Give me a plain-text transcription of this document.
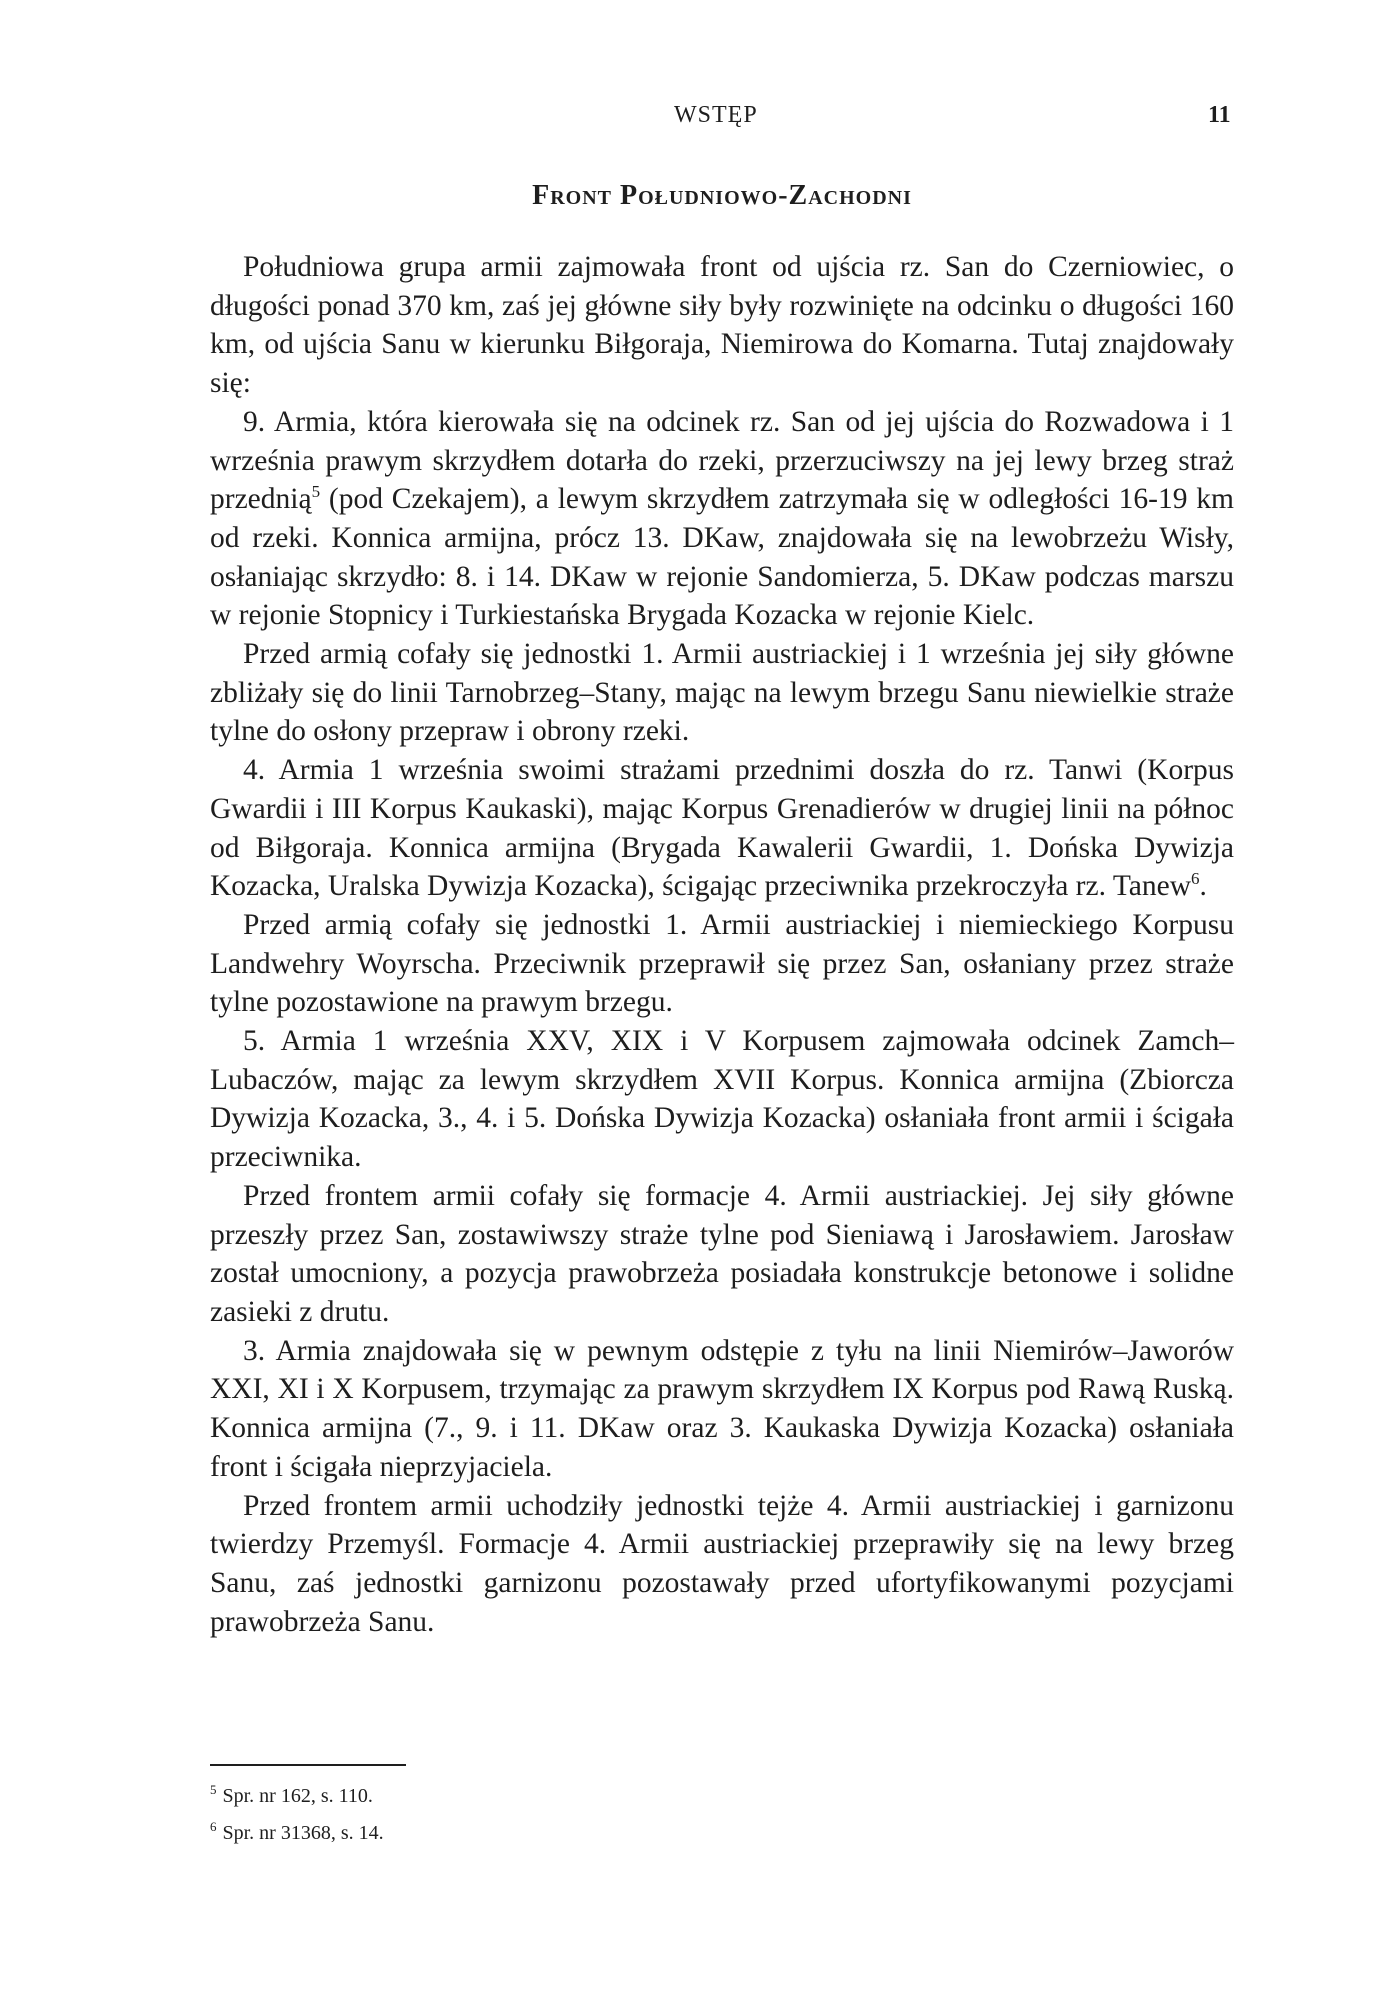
WSTĘP	11
Front Południowo-Zachodni

Południowa grupa armii zajmowała front od ujścia rz. San do Czerniowiec, o długości ponad 370 km, zaś jej główne siły były rozwinięte na odcinku o długości 160 km, od ujścia Sanu w kierunku Biłgoraja, Niemirowa do Komarna. Tutaj znajdowały się:

9. Armia, która kierowała się na odcinek rz. San od jej ujścia do Rozwadowa i 1 września prawym skrzydłem dotarła do rzeki, przerzuciwszy na jej lewy brzeg straż przednią$^5$ (pod Czekajem), a lewym skrzydłem zatrzymała się w odległości 16-19 km od rzeki. Konnica armijna, prócz 13. DKaw, znajdowała się na lewobrzeżu Wisły, osłaniając skrzydło: 8. i 14. DKaw w rejonie Sandomierza, 5. DKaw podczas marszu w rejonie Stopnicy i Turkiestańska Brygada Kozacka w rejonie Kielc.

Przed armią cofały się jednostki 1. Armii austriackiej i 1 września jej siły główne zbliżały się do linii Tarnobrzeg–Stany, mając na lewym brzegu Sanu niewielkie straże tylne do osłony przepraw i obrony rzeki.

4. Armia 1 września swoimi strażami przednimi doszła do rz. Tanwi (Korpus Gwardii i III Korpus Kaukaski), mając Korpus Grenadierów w drugiej linii na północ od Biłgoraja. Konnica armijna (Brygada Kawalerii Gwardii, 1. Dońska Dywizja Kozacka, Uralska Dywizja Kozacka), ścigając przeciwnika przekroczyła rz. Tanew$^6$.

Przed armią cofały się jednostki 1. Armii austriackiej i niemieckiego Korpusu Landwehry Woyrscha. Przeciwnik przeprawił się przez San, osłaniany przez straże tylne pozostawione na prawym brzegu.

5. Armia 1 września XXV, XIX i V Korpusem zajmowała odcinek Zamch–Lubaczów, mając za lewym skrzydłem XVII Korpus. Konnica armijna (Zbiorcza Dywizja Kozacka, 3., 4. i 5. Dońska Dywizja Kozacka) osłaniała front armii i ścigała przeciwnika.

Przed frontem armii cofały się formacje 4. Armii austriackiej. Jej siły główne przeszły przez San, zostawiwszy straże tylne pod Sieniawą i Jarosławiem. Jarosław został umocniony, a pozycja prawobrzeża posiadała konstrukcje betonowe i solidne zasieki z drutu.

3. Armia znajdowała się w pewnym odstępie z tyłu na linii Niemirów–Jaworów XXI, XI i X Korpusem, trzymając za prawym skrzydłem IX Korpus pod Rawą Ruską. Konnica armijna (7., 9. i 11. DKaw oraz 3. Kaukaska Dywizja Kozacka) osłaniała front i ścigała nieprzyjaciela.

Przed frontem armii uchodziły jednostki tejże 4. Armii austriackiej i garnizonu twierdzy Przemyśl. Formacje 4. Armii austriackiej przeprawiły się na lewy brzeg Sanu, zaś jednostki garnizonu pozostawały przed ufortyfikowanymi pozycjami prawobrzeża Sanu.

$^5$ Spr. nr 162, s. 110.
$^6$ Spr. nr 31368, s. 14.
